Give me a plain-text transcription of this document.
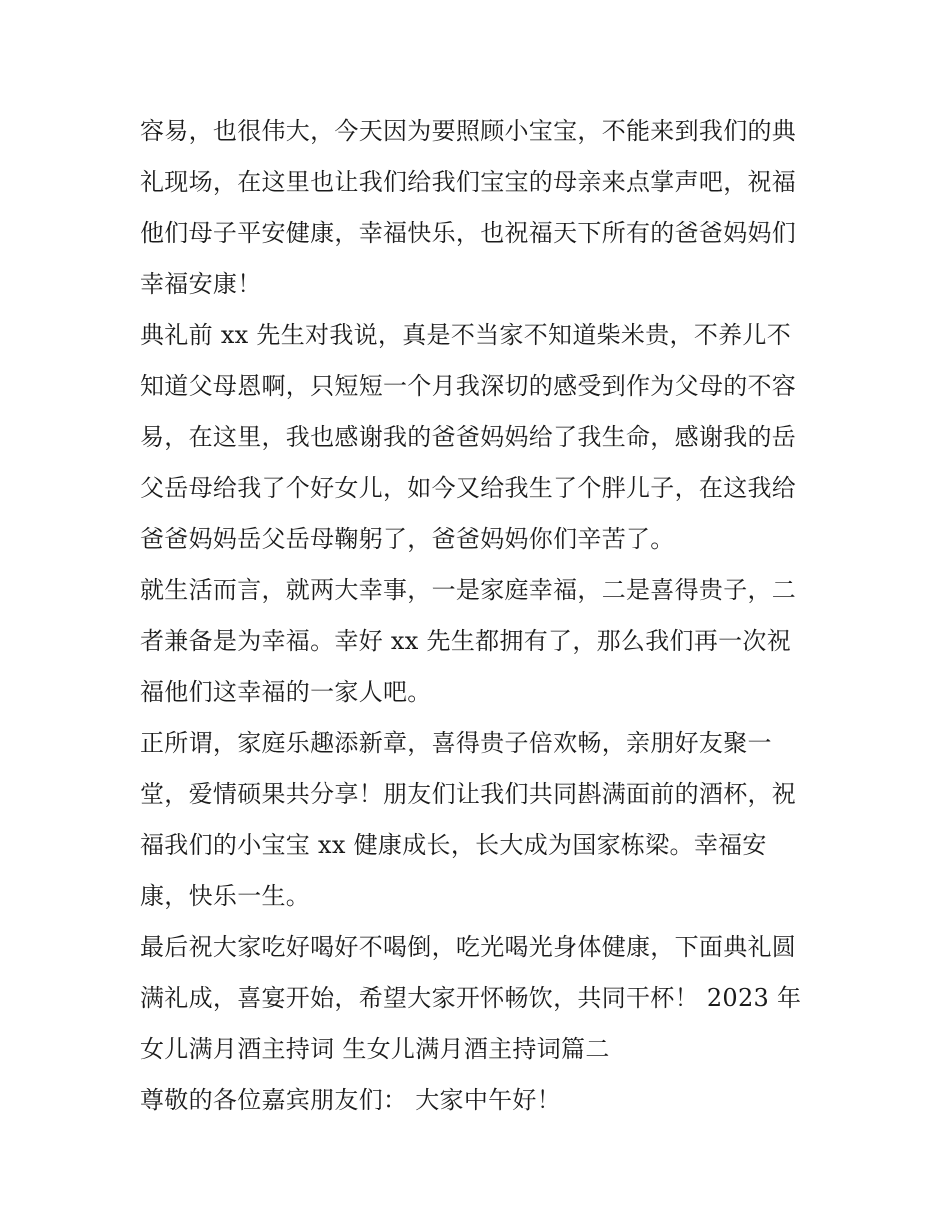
容易，也很伟大，今天因为要照顾小宝宝，不能来到我们的典
礼现场，在这里也让我们给我们宝宝的母亲来点掌声吧，祝福
他们母子平安健康，幸福快乐，也祝福天下所有的爸爸妈妈们
幸福安康！
典礼前 xx 先生对我说，真是不当家不知道柴米贵，不养儿不
知道父母恩啊，只短短一个月我深切的感受到作为父母的不容
易，在这里，我也感谢我的爸爸妈妈给了我生命，感谢我的岳
父岳母给我了个好女儿，如今又给我生了个胖儿子，在这我给
爸爸妈妈岳父岳母鞠躬了，爸爸妈妈你们辛苦了。
就生活而言，就两大幸事，一是家庭幸福，二是喜得贵子，二
者兼备是为幸福。幸好 xx 先生都拥有了，那么我们再一次祝
福他们这幸福的一家人吧。
正所谓，家庭乐趣添新章，喜得贵子倍欢畅，亲朋好友聚一
堂，爱情硕果共分享！朋友们让我们共同斟满面前的酒杯，祝
福我们的小宝宝 xx 健康成长，长大成为国家栋梁。幸福安
康，快乐一生。
最后祝大家吃好喝好不喝倒，吃光喝光身体健康，下面典礼圆
满礼成，喜宴开始，希望大家开怀畅饮，共同干杯！ 2023 年
女儿满月酒主持词 生女儿满月酒主持词篇二
尊敬的各位嘉宾朋友们： 大家中午好！
